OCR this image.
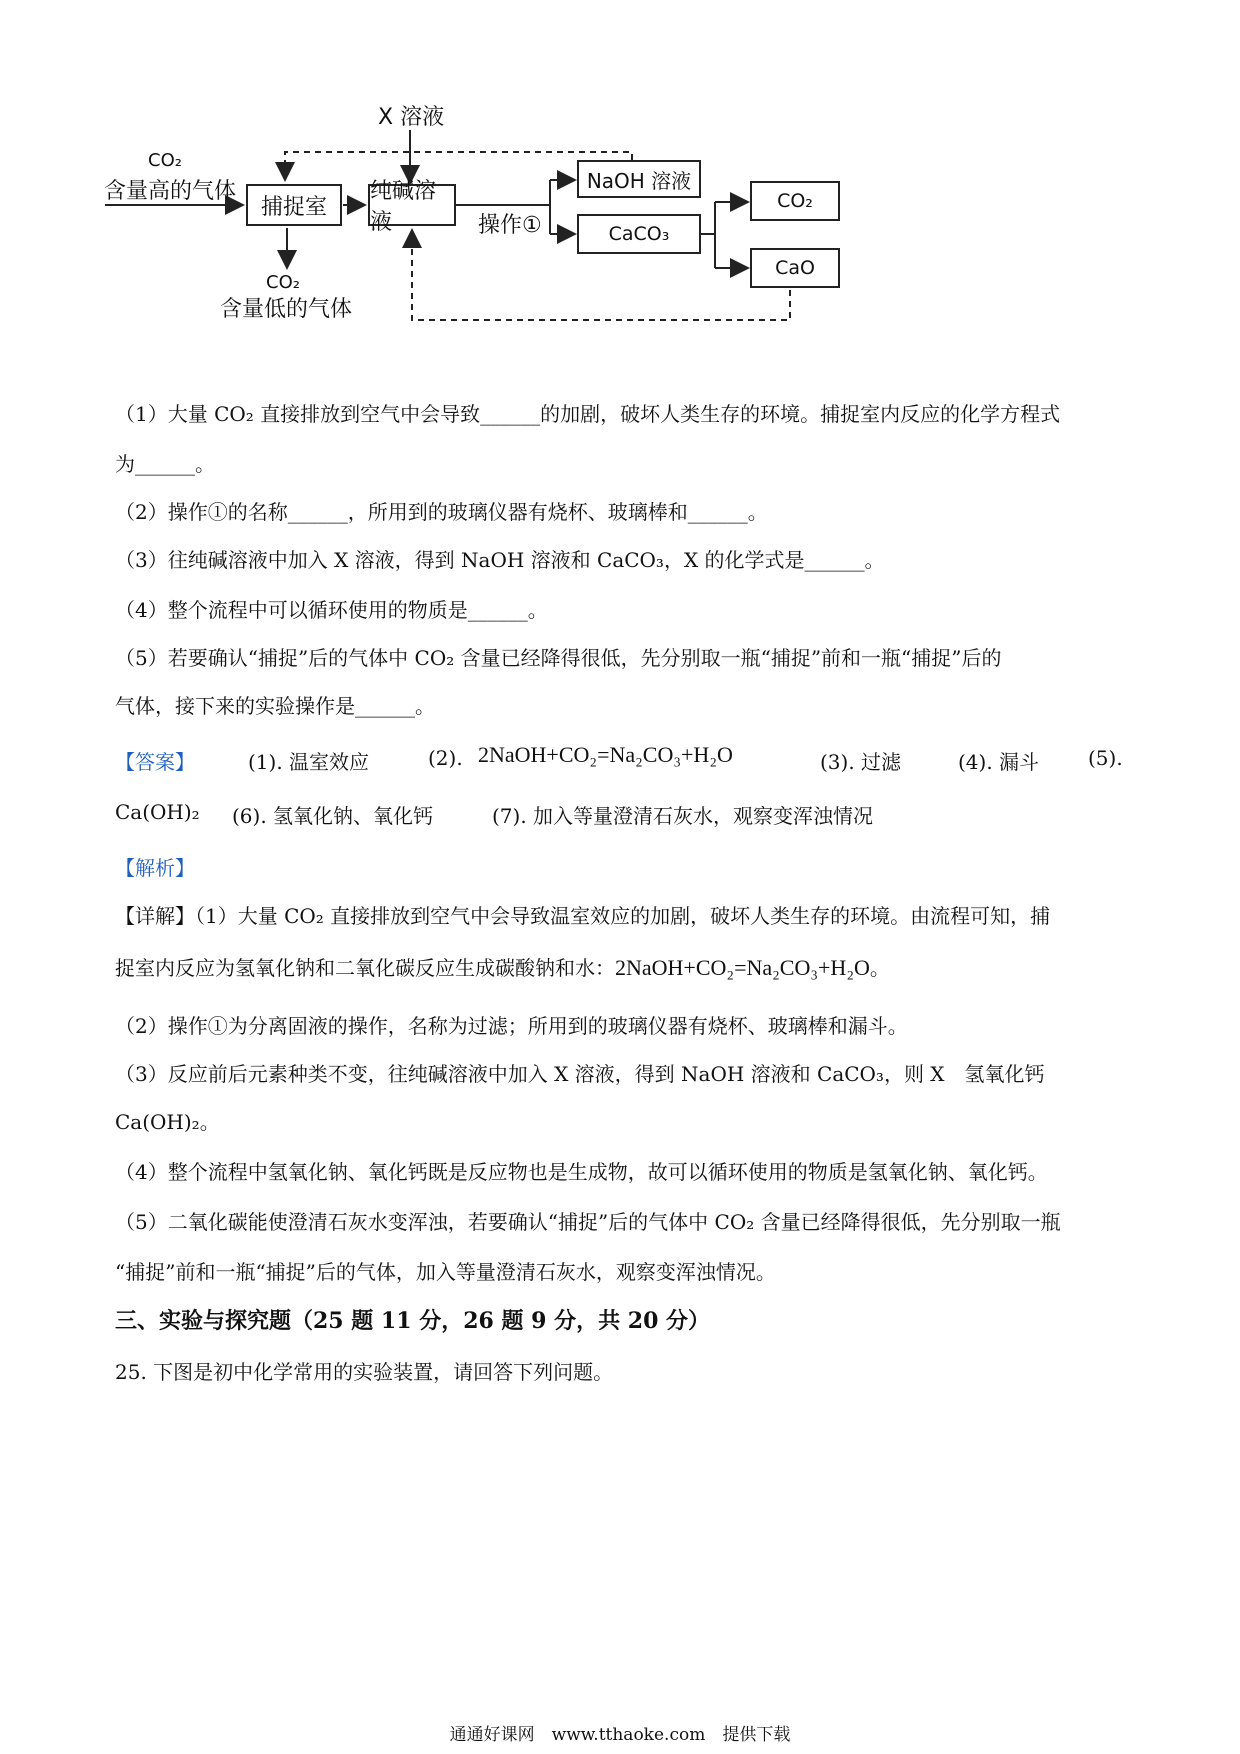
X 溶液
CO₂
含量高的气体
捕捉室
纯碱溶液	操作①
NaOH 溶液
CaCO₃
CO₂
CaO
CO₂
含量低的气体
（1）大量 CO₂ 直接排放到空气中会导致______的加剧，破坏人类生存的环境。捕捉室内反应的化学方程式
为______。
（2）操作①的名称______，所用到的玻璃仪器有烧杯、玻璃棒和______。
（3）往纯碱溶液中加入 X 溶液，得到 NaOH 溶液和 CaCO₃，X 的化学式是______。
（4）整个流程中可以循环使用的物质是______。
（5）若要确认“捕捉”后的气体中 CO₂ 含量已经降得很低，先分别取一瓶“捕捉”前和一瓶“捕捉”后的
气体，接下来的实验操作是______。
【答案】	(1). 温室效应	(2). 2NaOH+CO₂=Na₂CO₃+H₂O	(3). 过滤	(4). 漏斗 (5).
Ca(OH)₂ (6). 氢氧化钠、氧化钙	(7). 加入等量澄清石灰水，观察变浑浊情况
【解析】
【详解】（1）大量 CO₂ 直接排放到空气中会导致温室效应的加剧，破坏人类生存的环境。由流程可知，捕
捉室内反应为氢氧化钠和二氧化碳反应生成碳酸钠和水：2NaOH+CO₂=Na₂CO₃+H₂O。
（2）操作①为分离固液的操作，名称为过滤；所用到的玻璃仪器有烧杯、玻璃棒和漏斗。
（3）反应前后元素种类不变，往纯碱溶液中加入 X 溶液，得到 NaOH 溶液和 CaCO₃，则 X　氢氧化钙
Ca(OH)₂。
（4）整个流程中氢氧化钠、氧化钙既是反应物也是生成物，故可以循环使用的物质是氢氧化钠、氧化钙。
（5）二氧化碳能使澄清石灰水变浑浊，若要确认“捕捉”后的气体中 CO₂ 含量已经降得很低，先分别取一瓶
“捕捉”前和一瓶“捕捉”后的气体，加入等量澄清石灰水，观察变浑浊情况。
三、实验与探究题（25 题 11 分，26 题 9 分，共 20 分）
25. 下图是初中化学常用的实验装置，请回答下列问题。
通通好课网　www.tthaoke.com　提供下载
